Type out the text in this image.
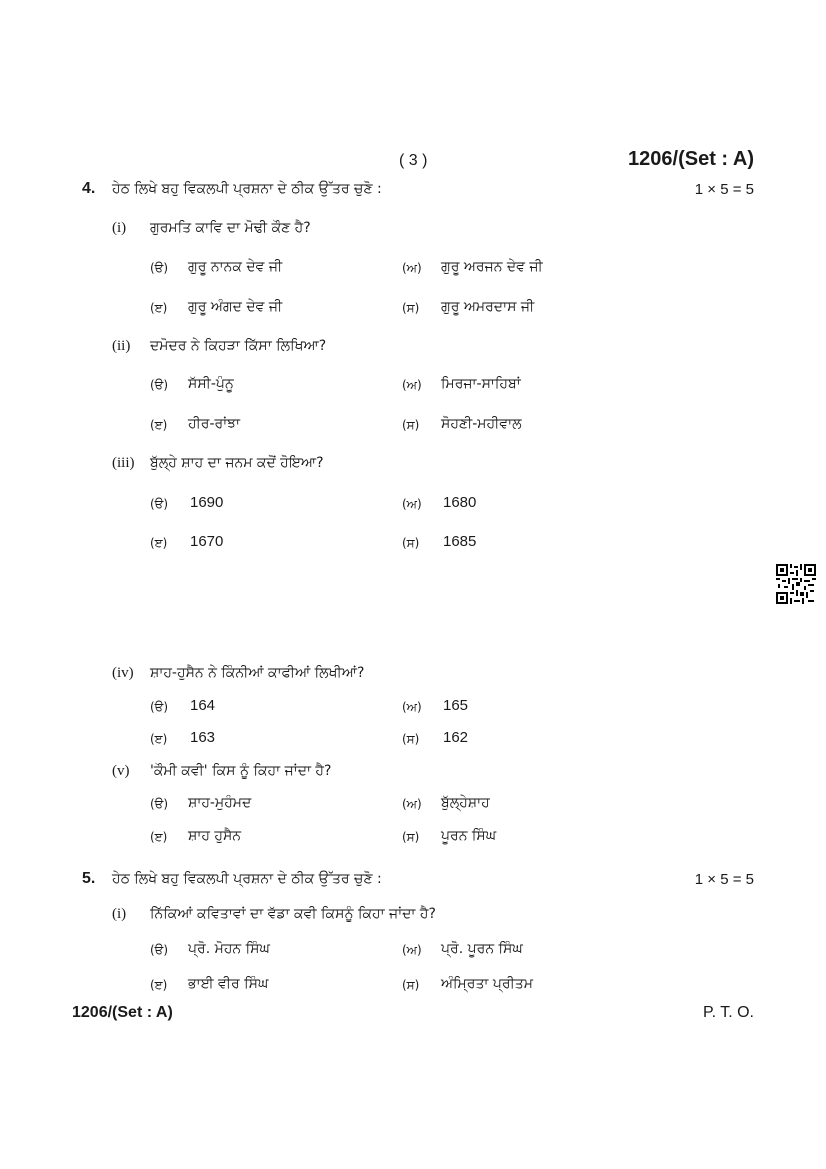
( 3 )	1206/(Set : A)
4. ਹੇਠ ਲਿਖੇ ਬਹੁ ਵਿਕਲਪੀ ਪ੍ਰਸ਼ਨਾ ਦੇ ਠੀਕ ਉੱਤਰ ਚੁਣੋ :	1 × 5 = 5
(i) ਗੁਰਮਤਿ ਕਾਵਿ ਦਾ ਮੋਢੀ ਕੌਣ ਹੈ?
(ੳ) ਗੁਰੂ ਨਾਨਕ ਦੇਵ ਜੀ	(ਅ) ਗੁਰੂ ਅਰਜਨ ਦੇਵ ਜੀ
(ੲ) ਗੁਰੂ ਅੰਗਦ ਦੇਵ ਜੀ	(ਸ) ਗੁਰੂ ਅਮਰਦਾਸ ਜੀ
(ii) ਦਮੋਦਰ ਨੇ ਕਿਹੜਾ ਕਿੱਸਾ ਲਿਖਿਆ?
(ੳ) ਸੱਸੀ-ਪੁੰਨੂ	(ਅ) ਮਿਰਜਾ-ਸਾਹਿਬਾਂ
(ੲ) ਹੀਰ-ਰਾਂਝਾ	(ਸ) ਸੋਹਣੀ-ਮਹੀਵਾਲ
(iii) ਬੁੱਲ੍ਹੇ ਸ਼ਾਹ ਦਾ ਜਨਮ ਕਦੋਂ ਹੋਇਆ?
(ੳ) 1690	(ਅ) 1680
(ੲ) 1670	(ਸ) 1685
(iv) ਸ਼ਾਹ-ਹੁਸੈਨ ਨੇ ਕਿੰਨੀਆਂ ਕਾਫੀਆਂ ਲਿਖੀਆਂ?
(ੳ) 164	(ਅ) 165
(ੲ) 163	(ਸ) 162
(v) 'ਕੌਮੀ ਕਵੀ' ਕਿਸ ਨੂੰ ਕਿਹਾ ਜਾਂਦਾ ਹੈ?
(ੳ) ਸ਼ਾਹ-ਮੁਹੰਮਦ	(ਅ) ਬੁੱਲ੍ਹੇਸ਼ਾਹ
(ੲ) ਸ਼ਾਹ ਹੁਸੈਨ	(ਸ) ਪੂਰਨ ਸਿੰਘ
5. ਹੇਠ ਲਿਖੇ ਬਹੁ ਵਿਕਲਪੀ ਪ੍ਰਸ਼ਨਾ ਦੇ ਠੀਕ ਉੱਤਰ ਚੁਣੋ :	1 × 5 = 5
(i) ਨਿੱਕਿਆਂ ਕਵਿਤਾਵਾਂ ਦਾ ਵੱਡਾ ਕਵੀ ਕਿਸਨੂੰ ਕਿਹਾ ਜਾਂਦਾ ਹੈ?
(ੳ) ਪ੍ਰੋ. ਮੋਹਨ ਸਿੰਘ	(ਅ) ਪ੍ਰੋ. ਪੂਰਨ ਸਿੰਘ
(ੲ) ਭਾਈ ਵੀਰ ਸਿੰਘ	(ਸ) ਅੰਮ੍ਰਿਤਾ ਪ੍ਰੀਤਮ
1206/(Set : A)	P. T. O.
